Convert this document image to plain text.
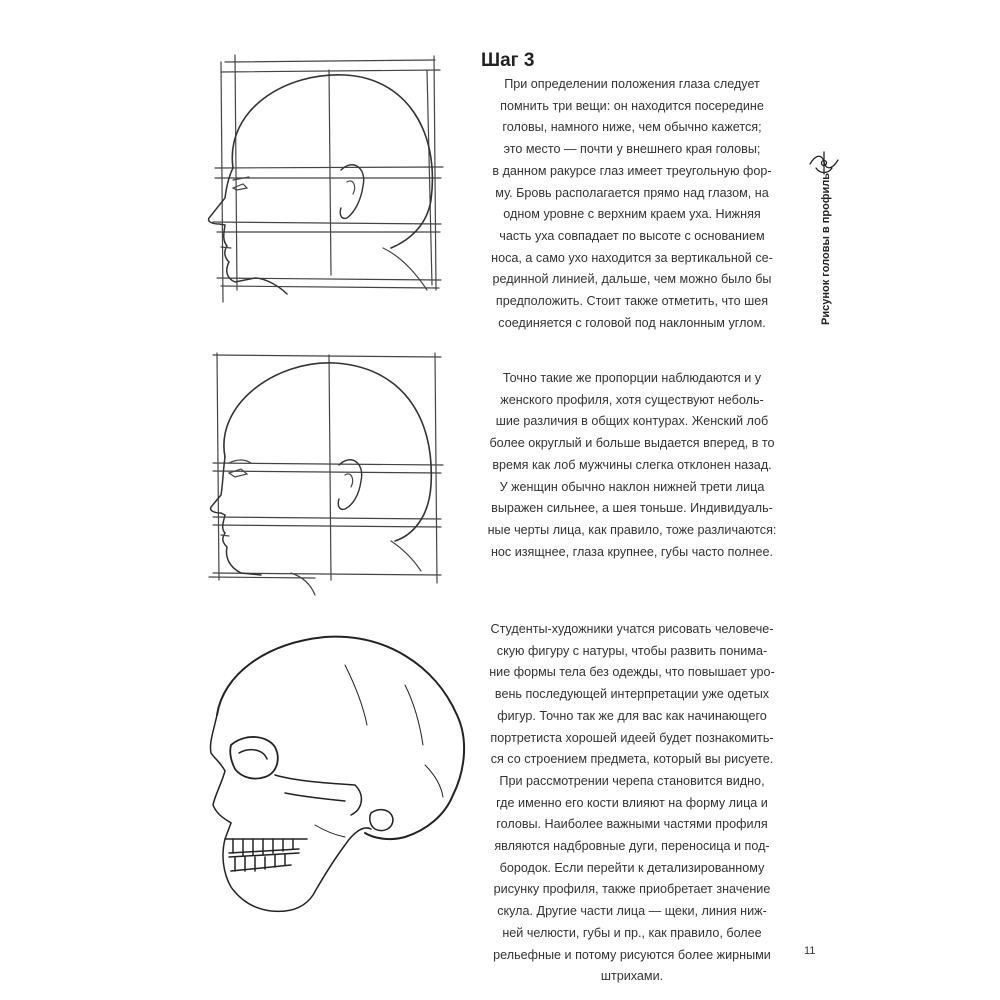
Шаг 3
При определении положения глаза следует
помнить три вещи: он находится посередине
головы, намного ниже, чем обычно кажется;
это место — почти у внешнего края головы;
в данном ракурсе глаз имеет треугольную фор-
му. Бровь располагается прямо над глазом, на
одном уровне с верхним краем уха. Нижняя
часть уха совпадает по высоте с основанием
носа, а само ухо находится за вертикальной се-
рединной линией, дальше, чем можно было бы
предположить. Стоит также отметить, что шея
соединяется с головой под наклонным углом.
Точно такие же пропорции наблюдаются и у
женского профиля, хотя существуют неболь-
шие различия в общих контурах. Женский лоб
более округлый и больше выдается вперед, в то
время как лоб мужчины слегка отклонен назад.
У женщин обычно наклон нижней трети лица
выражен сильнее, а шея тоньше. Индивидуаль-
ные черты лица, как правило, тоже различаются:
нос изящнее, глаза крупнее, губы часто полнее.
Студенты-художники учатся рисовать человече-
скую фигуру с натуры, чтобы развить понима-
ние формы тела без одежды, что повышает уро-
вень последующей интерпретации уже одетых
фигур. Точно так же для вас как начинающего
портретиста хорошей идеей будет познакомить-
ся со строением предмета, который вы рисуете.
При рассмотрении черепа становится видно,
где именно его кости влияют на форму лица и
головы. Наиболее важными частями профиля
являются надбровные дуги, переносица и под-
бородок. Если перейти к детализированному
рисунку профиля, также приобретает значение
скула. Другие части лица — щеки, линия ниж-
ней челюсти, губы и пр., как правило, более
рельефные и потому рисуются более жирными
штрихами.
Рисунок головы в профиль
11
